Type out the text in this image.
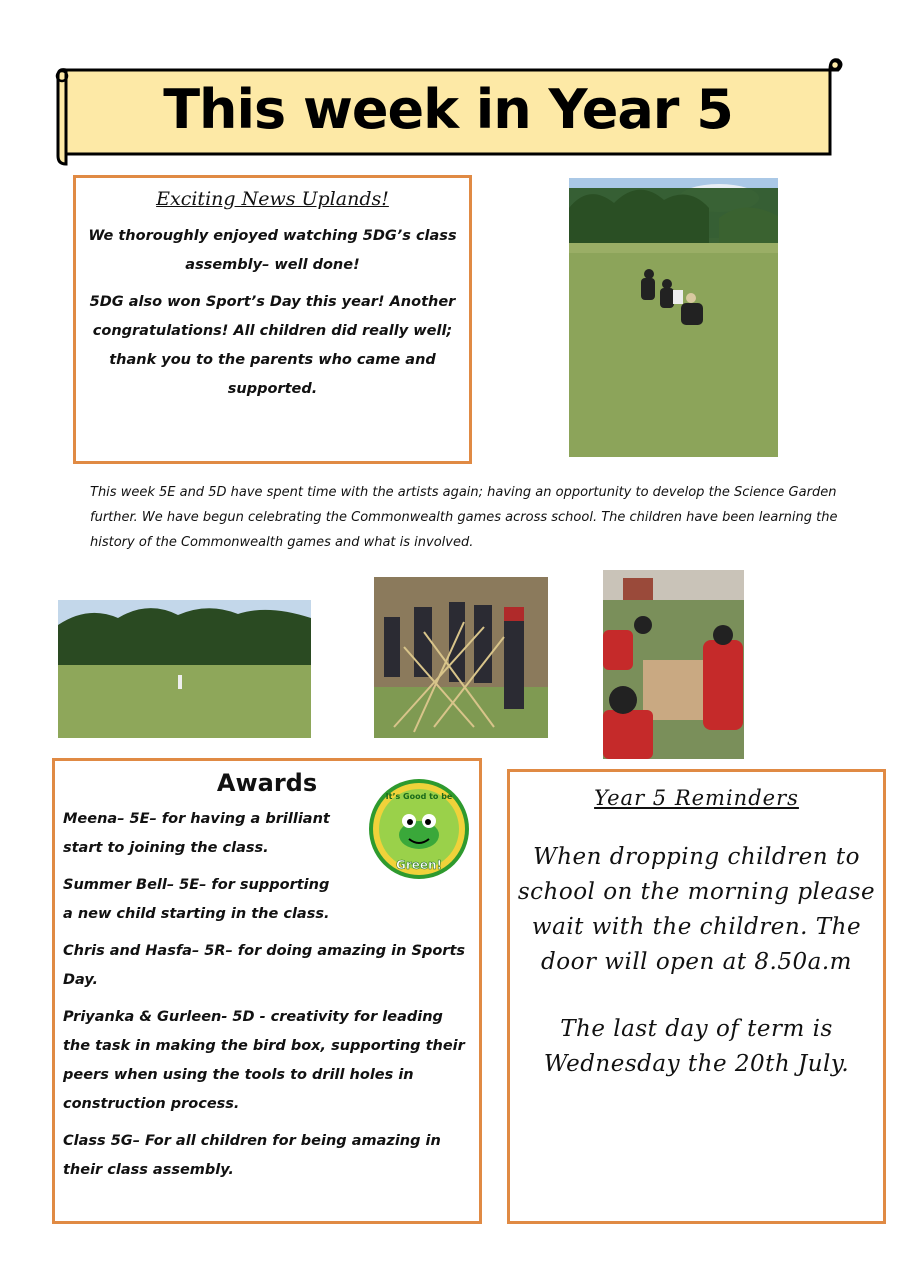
This week in Year 5
Exciting News Uplands!

We thoroughly enjoyed watching 5DG’s class assembly– well done!

5DG also won Sport’s Day this year! Another congratulations! All children did really well; thank you to the parents who came and supported.

This week 5E and 5D have spent time with the artists again; having an opportunity to develop the Science Garden further. We have begun celebrating the Commonwealth games across school. The children have been learning the history of the Commonwealth games and what is involved.
Awards
Green!
It’s Good to be
Meena– 5E– for having a brilliant start to joining the class.
Summer Bell– 5E– for supporting a new child starting in the class.
Chris and Hasfa– 5R– for doing amazing in Sports Day.
Priyanka & Gurleen- 5D - creativity for leading the task in making the bird box, supporting their peers when using the tools to drill holes in construction process.
Class 5G– For all children for being amazing in their class assembly.
Year 5 Reminders
When dropping children to school on the morning please wait with the children. The door will open at 8.50a.m
The last day of term is Wednesday the 20th July.
